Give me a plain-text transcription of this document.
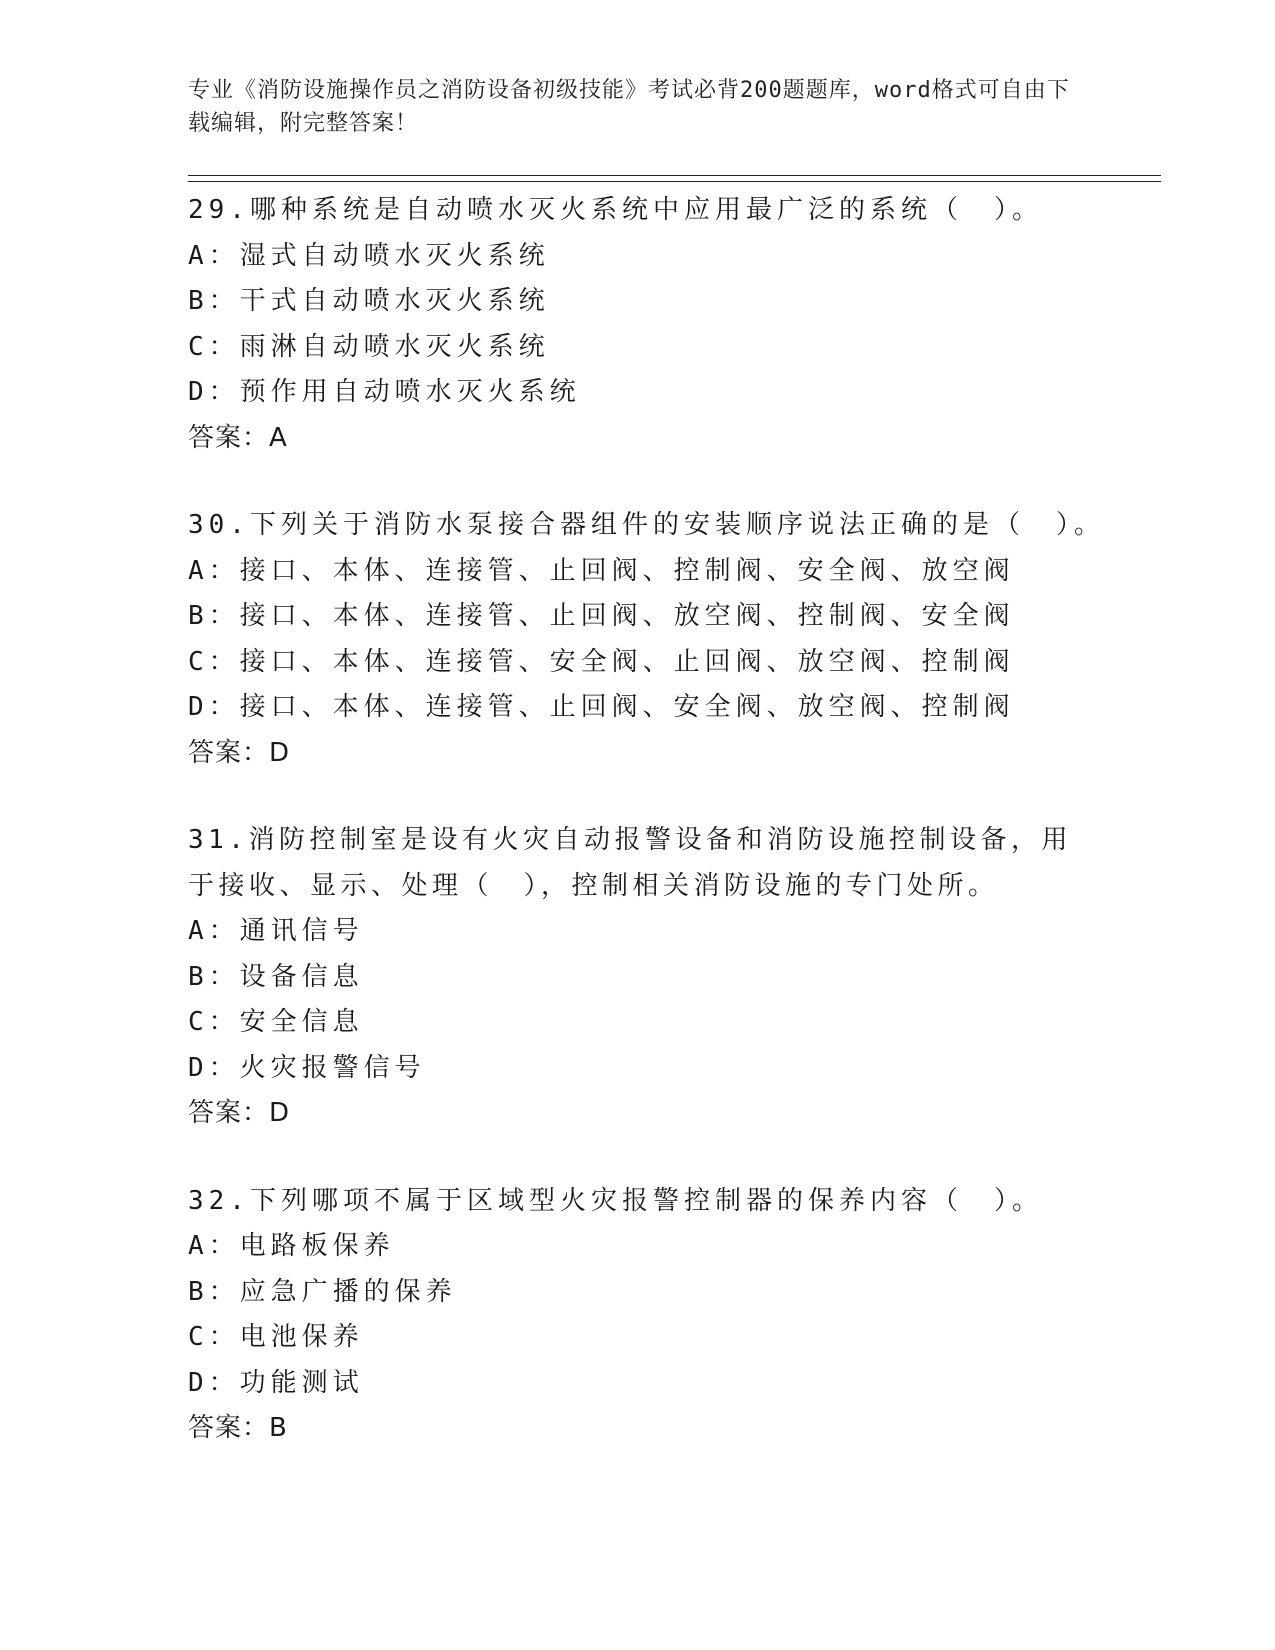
专业《消防设施操作员之消防设备初级技能》考试必背200题题库，word格式可自由下载编辑，附完整答案！
29.哪种系统是自动喷水灭火系统中应用最广泛的系统（　）。
A：湿式自动喷水灭火系统
B：干式自动喷水灭火系统
C：雨淋自动喷水灭火系统
D：预作用自动喷水灭火系统
答案：A
30.下列关于消防水泵接合器组件的安装顺序说法正确的是（　）。
A：接口、本体、连接管、止回阀、控制阀、安全阀、放空阀
B：接口、本体、连接管、止回阀、放空阀、控制阀、安全阀
C：接口、本体、连接管、安全阀、止回阀、放空阀、控制阀
D：接口、本体、连接管、止回阀、安全阀、放空阀、控制阀
答案：D
31.消防控制室是设有火灾自动报警设备和消防设施控制设备，用于接收、显示、处理（　），控制相关消防设施的专门处所。
A：通讯信号
B：设备信息
C：安全信息
D：火灾报警信号
答案：D
32.下列哪项不属于区域型火灾报警控制器的保养内容（　）。
A：电路板保养
B：应急广播的保养
C：电池保养
D：功能测试
答案：B
